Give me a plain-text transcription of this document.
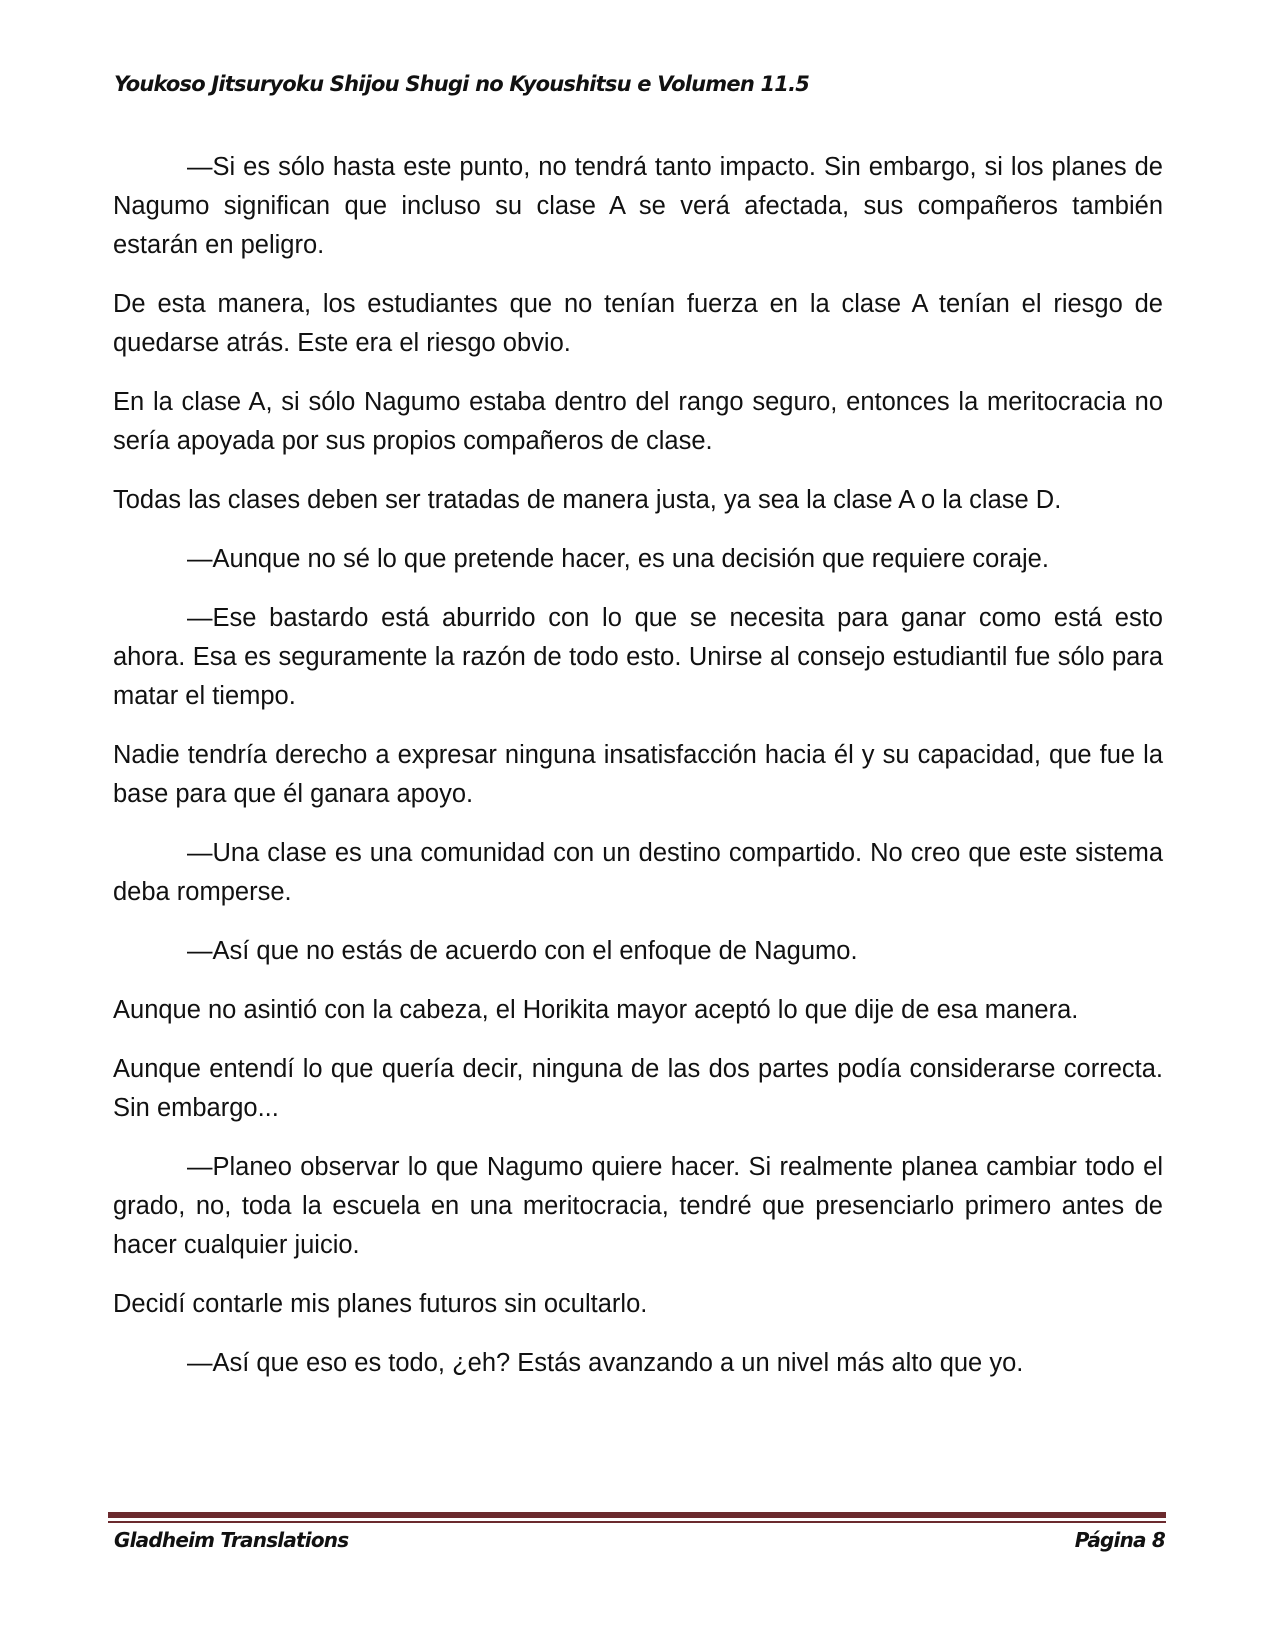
Youkoso Jitsuryoku Shijou Shugi no Kyoushitsu e Volumen 11.5

—Si es sólo hasta este punto, no tendrá tanto impacto. Sin embargo, si los planes de Nagumo significan que incluso su clase A se verá afectada, sus compañeros también estarán en peligro.

De esta manera, los estudiantes que no tenían fuerza en la clase A tenían el riesgo de quedarse atrás. Este era el riesgo obvio.

En la clase A, si sólo Nagumo estaba dentro del rango seguro, entonces la meritocracia no sería apoyada por sus propios compañeros de clase.

Todas las clases deben ser tratadas de manera justa, ya sea la clase A o la clase D.

—Aunque no sé lo que pretende hacer, es una decisión que requiere coraje.

—Ese bastardo está aburrido con lo que se necesita para ganar como está esto ahora. Esa es seguramente la razón de todo esto. Unirse al consejo estudiantil fue sólo para matar el tiempo.

Nadie tendría derecho a expresar ninguna insatisfacción hacia él y su capacidad, que fue la base para que él ganara apoyo.

—Una clase es una comunidad con un destino compartido. No creo que este sistema deba romperse.

—Así que no estás de acuerdo con el enfoque de Nagumo.

Aunque no asintió con la cabeza, el Horikita mayor aceptó lo que dije de esa manera.

Aunque entendí lo que quería decir, ninguna de las dos partes podía considerarse correcta. Sin embargo...

—Planeo observar lo que Nagumo quiere hacer. Si realmente planea cambiar todo el grado, no, toda la escuela en una meritocracia, tendré que presenciarlo primero antes de hacer cualquier juicio.

Decidí contarle mis planes futuros sin ocultarlo.

—Así que eso es todo, ¿eh? Estás avanzando a un nivel más alto que yo.

Gladheim Translations	Página 8
